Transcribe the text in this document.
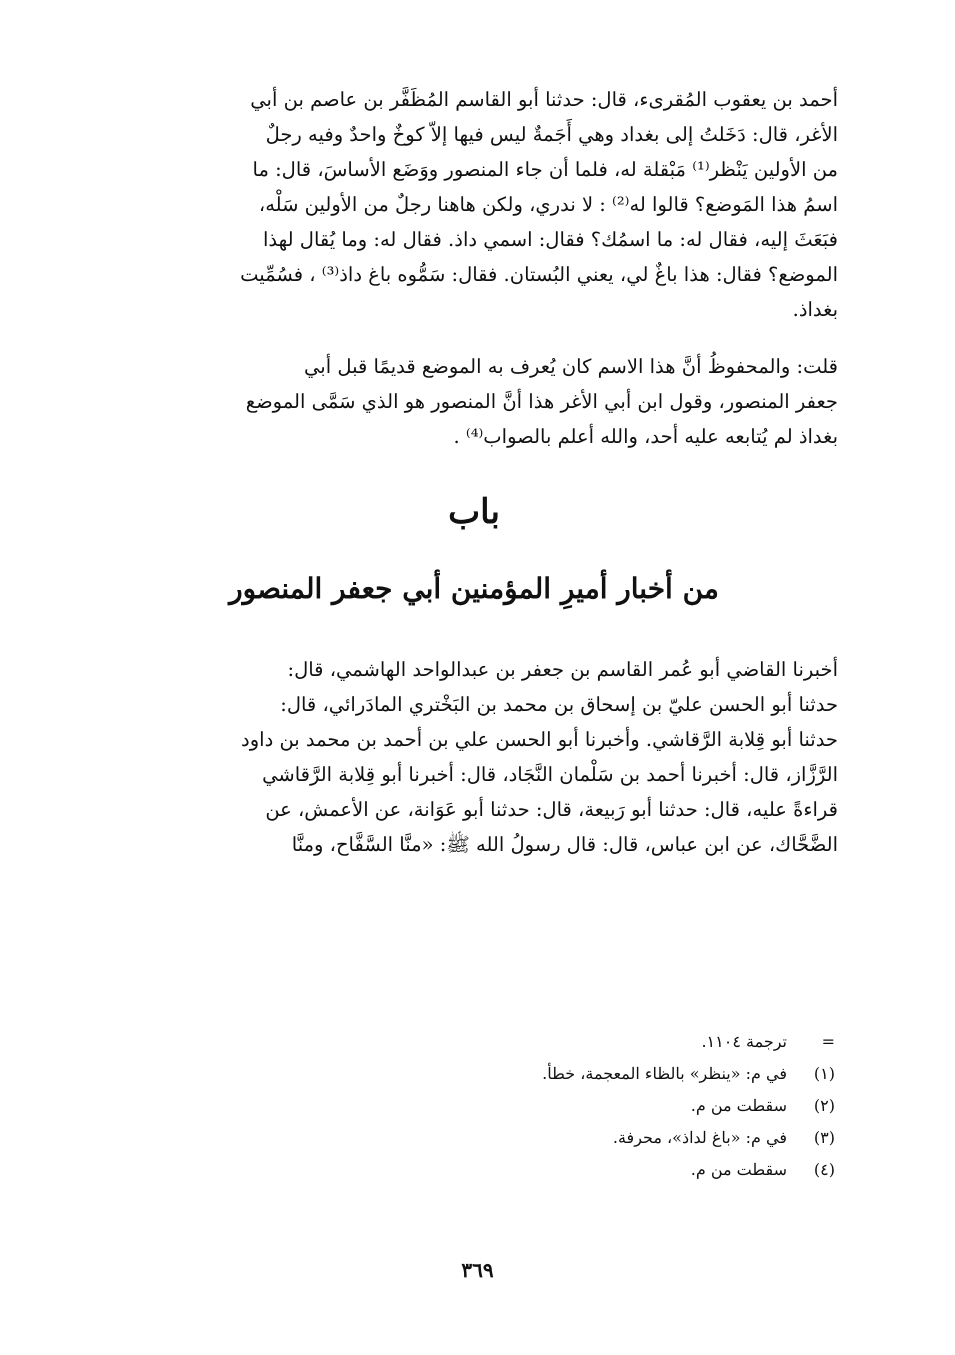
أحمد بن يعقوب المُقرىء، قال: حدثنا أبو القاسم المُظَفَّر بن عاصم بن أبي
الأغر، قال: دَخَلتُ إلى بغداد وهي أَجَمةٌ ليس فيها إلاّ كوخٌ واحدٌ وفيه رجلٌ
من الأولين يَنْظر⁽¹⁾ مَبْقلة له، فلما أن جاء المنصور ووَضَع الأساسَ، قال: ما
اسمُ هذا المَوضع؟ قالوا له⁽²⁾ : لا ندري، ولكن هاهنا رجلٌ من الأولين سَلْه،
فبَعَثَ إليه، فقال له: ما اسمُك؟ فقال: اسمي داذ. فقال له: وما يُقال لهذا
الموضع؟ فقال: هذا باغٌ لي، يعني البُستان. فقال: سَمُّوه باغ داذ⁽³⁾ ، فسُمِّيت
بغداذ.

قلت: والمحفوظُ أنَّ هذا الاسم كان يُعرف به الموضع قديمًا قبل أبي
جعفر المنصور، وقول ابن أبي الأغر هذا أنَّ المنصور هو الذي سَمَّى الموضع
بغداذ لم يُتابعه عليه أحد، والله أعلم بالصواب⁽⁴⁾ .

باب
من أخبار أميرِ المؤمنين أبي جعفر المنصور

أخبرنا القاضي أبو عُمر القاسم بن جعفر بن عبدالواحد الهاشمي، قال:
حدثنا أبو الحسن عليّ بن إسحاق بن محمد بن البَخْتري المادَرائي، قال:
حدثنا أبو قِلابة الرَّقاشي. وأخبرنا أبو الحسن علي بن أحمد بن محمد بن داود
الرَّزَّاز، قال: أخبرنا أحمد بن سَلْمان النَّجَاد، قال: أخبرنا أبو قِلابة الرَّقاشي
قراءةً عليه، قال: حدثنا أبو رَبيعة، قال: حدثنا أبو عَوَانة، عن الأعمش، عن
الضَّحَّاك، عن ابن عباس، قال: قال رسولُ الله ﷺ: «منَّا السَّفَّاح، ومنَّا

=
ترجمة ١١٠٤.
(١)
في م: «ينظر» بالظاء المعجمة، خطأ.
(٢)
سقطت من م.
(٣)
في م: «باغ لداذ»، محرفة.
(٤)
سقطت من م.
٣٦٩
